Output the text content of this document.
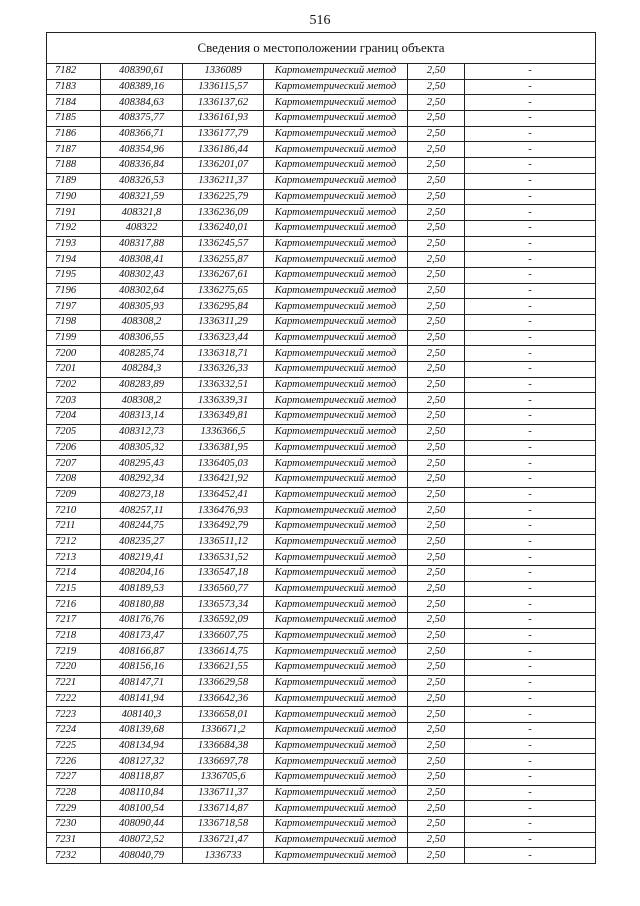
516
Сведения о местоположении границ объекта
7182	408390,61	1336089	Картометрический метод	2,50	-
7183	408389,16	1336115,57	Картометрический метод	2,50	-
7184	408384,63	1336137,62	Картометрический метод	2,50	-
7185	408375,77	1336161,93	Картометрический метод	2,50	-
7186	408366,71	1336177,79	Картометрический метод	2,50	-
7187	408354,96	1336186,44	Картометрический метод	2,50	-
7188	408336,84	1336201,07	Картометрический метод	2,50	-
7189	408326,53	1336211,37	Картометрический метод	2,50	-
7190	408321,59	1336225,79	Картометрический метод	2,50	-
7191	408321,8	1336236,09	Картометрический метод	2,50	-
7192	408322	1336240,01	Картометрический метод	2,50	-
7193	408317,88	1336245,57	Картометрический метод	2,50	-
7194	408308,41	1336255,87	Картометрический метод	2,50	-
7195	408302,43	1336267,61	Картометрический метод	2,50	-
7196	408302,64	1336275,65	Картометрический метод	2,50	-
7197	408305,93	1336295,84	Картометрический метод	2,50	-
7198	408308,2	1336311,29	Картометрический метод	2,50	-
7199	408306,55	1336323,44	Картометрический метод	2,50	-
7200	408285,74	1336318,71	Картометрический метод	2,50	-
7201	408284,3	1336326,33	Картометрический метод	2,50	-
7202	408283,89	1336332,51	Картометрический метод	2,50	-
7203	408308,2	1336339,31	Картометрический метод	2,50	-
7204	408313,14	1336349,81	Картометрический метод	2,50	-
7205	408312,73	1336366,5	Картометрический метод	2,50	-
7206	408305,32	1336381,95	Картометрический метод	2,50	-
7207	408295,43	1336405,03	Картометрический метод	2,50	-
7208	408292,34	1336421,92	Картометрический метод	2,50	-
7209	408273,18	1336452,41	Картометрический метод	2,50	-
7210	408257,11	1336476,93	Картометрический метод	2,50	-
7211	408244,75	1336492,79	Картометрический метод	2,50	-
7212	408235,27	1336511,12	Картометрический метод	2,50	-
7213	408219,41	1336531,52	Картометрический метод	2,50	-
7214	408204,16	1336547,18	Картометрический метод	2,50	-
7215	408189,53	1336560,77	Картометрический метод	2,50	-
7216	408180,88	1336573,34	Картометрический метод	2,50	-
7217	408176,76	1336592,09	Картометрический метод	2,50	-
7218	408173,47	1336607,75	Картометрический метод	2,50	-
7219	408166,87	1336614,75	Картометрический метод	2,50	-
7220	408156,16	1336621,55	Картометрический метод	2,50	-
7221	408147,71	1336629,58	Картометрический метод	2,50	-
7222	408141,94	1336642,36	Картометрический метод	2,50	-
7223	408140,3	1336658,01	Картометрический метод	2,50	-
7224	408139,68	1336671,2	Картометрический метод	2,50	-
7225	408134,94	1336684,38	Картометрический метод	2,50	-
7226	408127,32	1336697,78	Картометрический метод	2,50	-
7227	408118,87	1336705,6	Картометрический метод	2,50	-
7228	408110,84	1336711,37	Картометрический метод	2,50	-
7229	408100,54	1336714,87	Картометрический метод	2,50	-
7230	408090,44	1336718,58	Картометрический метод	2,50	-
7231	408072,52	1336721,47	Картометрический метод	2,50	-
7232	408040,79	1336733	Картометрический метод	2,50	-
